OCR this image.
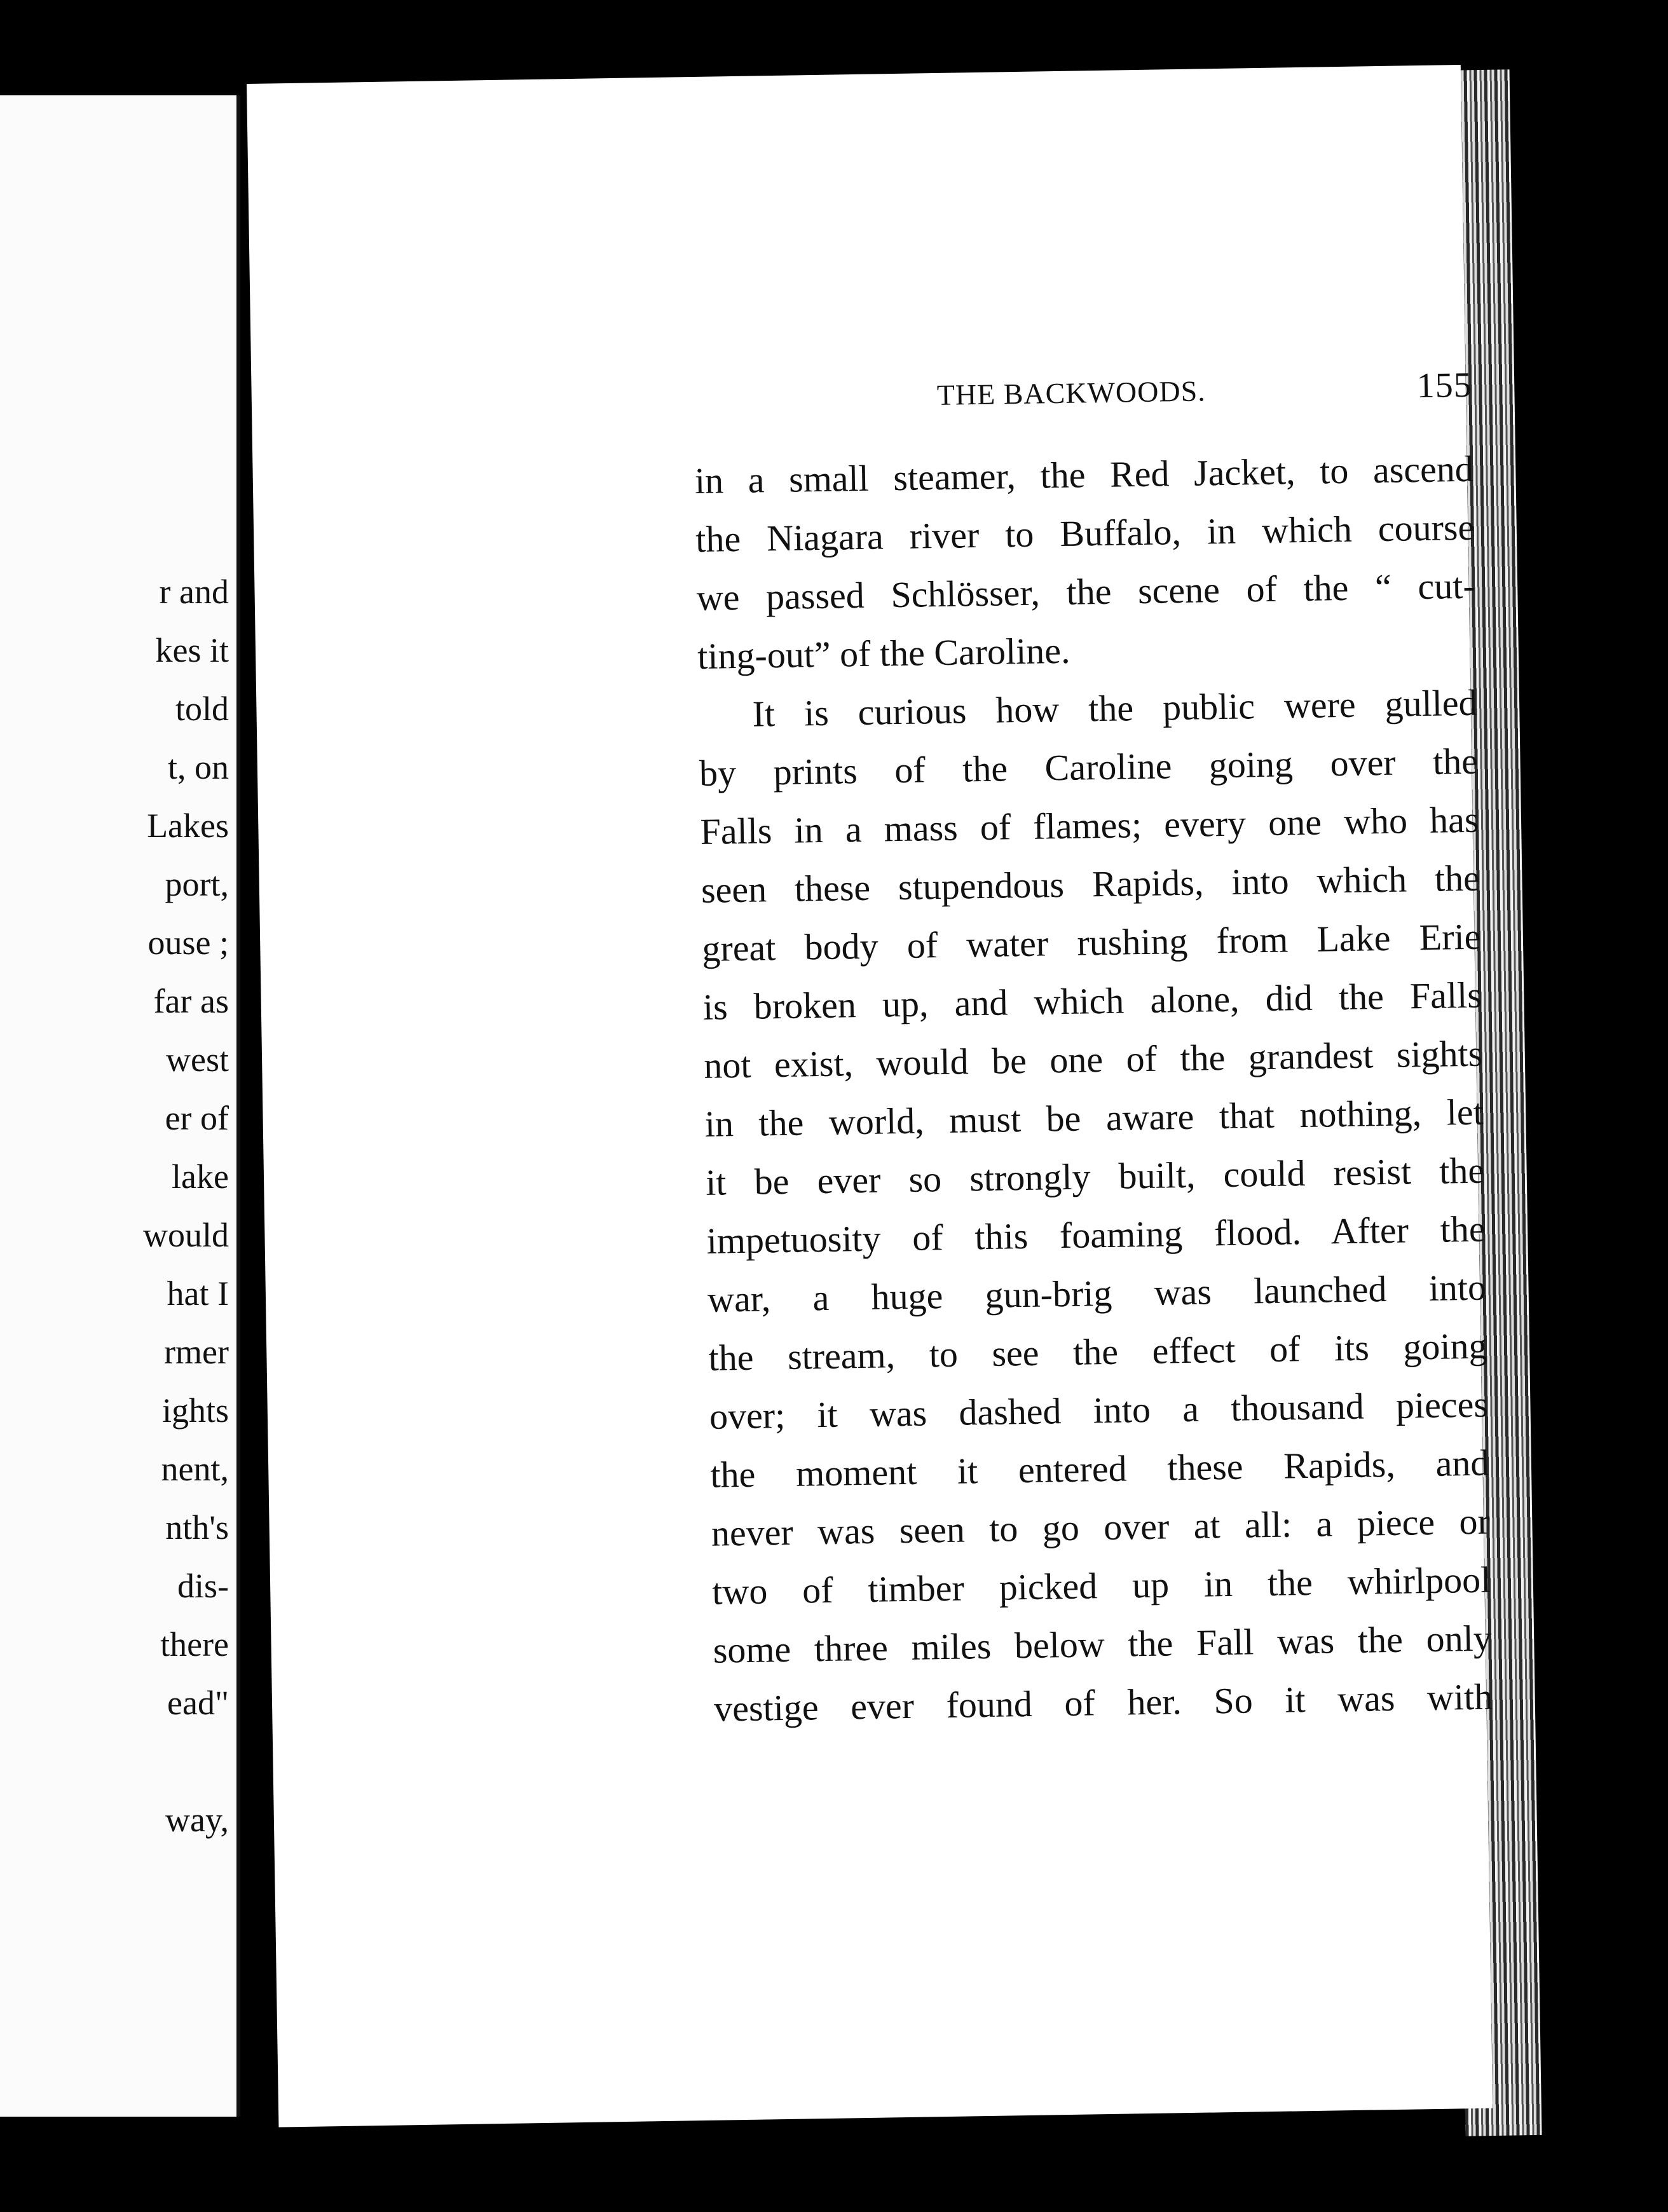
r and
kes it
told
t, on
Lakes
port,
ouse ;
far as
west
er of
lake
would
hat I
rmer
ights
nent,
nth's
dis-
there
ead"
way,
THE BACKWOODS.	155
in a small steamer, the Red Jacket, to ascend
the Niagara river to Buffalo, in which course
we passed Schlösser, the scene of the “ cut-
ting-out” of the Caroline.
It is curious how the public were gulled
by prints of the Caroline going over the
Falls in a mass of flames; every one who has
seen these stupendous Rapids, into which the
great body of water rushing from Lake Erie
is broken up, and which alone, did the Falls
not exist, would be one of the grandest sights
in the world, must be aware that nothing, let
it be ever so strongly built, could resist the
impetuosity of this foaming flood. After the
war, a huge gun-brig was launched into
the stream, to see the effect of its going
over; it was dashed into a thousand pieces
the moment it entered these Rapids, and
never was seen to go over at all: a piece or
two of timber picked up in the whirlpool
some three miles below the Fall was the only
vestige ever found of her. So it was with
